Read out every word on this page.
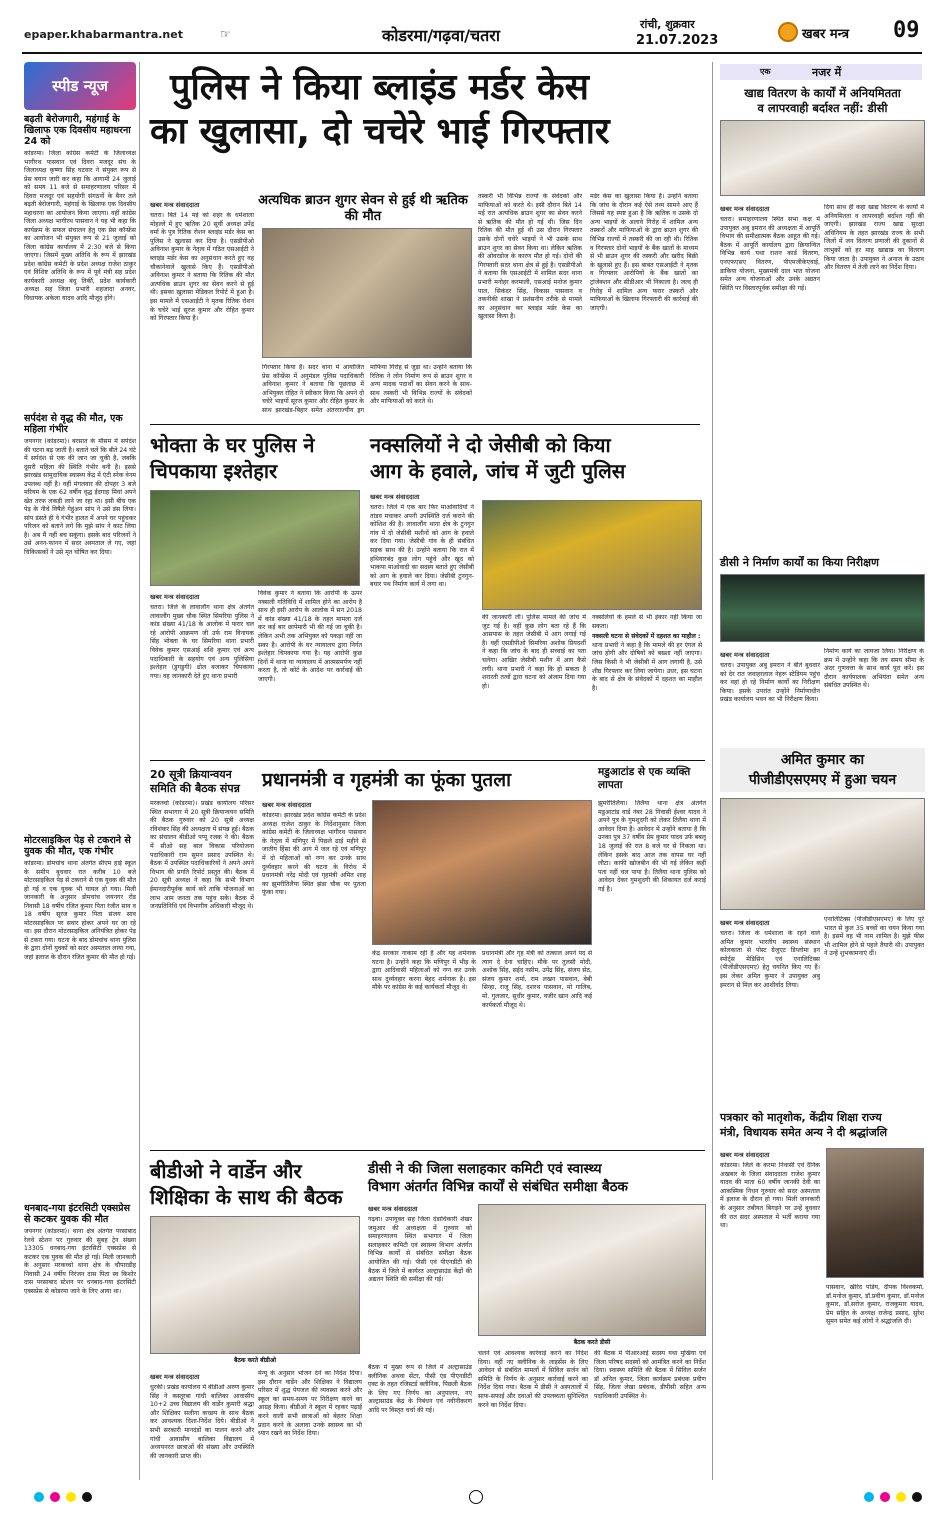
epaper.khabarmantra.net	☞	कोडरमा/गढ़वा/चतरा
रांची, शुक्रवार
21.07.2023	खबर मन्त्र 09
स्पीड न्यूज
बढ़ती बेरोजगारी, महंगाई के खिलाफ एक दिवसीय महाधरना 24 को
कोडरमा। जिला कांग्रेस कमेटी के जिलाध्यक्ष भागीरथ पासवान एवं दिवरा मजदूर संघ के जिलाध्यक्ष कृष्णा सिंह घटवार ने संयुक्त रूप से प्रेस बयान जारी कर कहा कि आगामी 24 जुलाई को समय 11 बजे से समाहरणालय परिसर में दिवरा मजदूर एवं सहयोगी संगठनों के बैनर तले बढ़ती बेरोजगारी, महंगाई के खिलाफ एक दिवसीय महाधरना का आयोजन किया जाएगा। वहीं कांग्रेस जिला अध्यक्ष भागीरथ पासवान ने यह भी कहा कि कार्यक्रम के सफल संचालन हेतु एक प्रेस कॉन्फ्रेंस का आयोजन भी संयुक्त रूप से 21 जुलाई को जिला कांग्रेस कार्यालय में 2:30 बजे से किया जाएगा। जिसमें मुख्य अतिथि के रूप में झारखंड प्रदेश कांग्रेस कमेटी के प्रदेश अध्यक्ष राजेश ठाकुर एवं विशिष्ट अतिथि के रूप में पूर्व मंत्री सह प्रदेश कार्यकारी अध्यक्ष बंधु तिर्की, प्रदेश कार्यकारी अध्यक्ष सह जिला प्रभारी शहजादा अनवर, विधायक अकेला यादव आदि मौजूद होंगे।
सर्पदंश से वृद्ध की मौत, एक महिला गंभीर
जयनगर (कोडरमा)। बरसात के मौसम में सर्पदंश की घटना बढ़ जाती है। बताते चलें कि बीते 24 घंटे में सर्पदंश से एक की जान जा चुकी है, जबकि दूसरी महिला की स्थिति गंभीर बनी है। इससे झारखंड सामुदायिक स्वास्थ्य केंद्र में एंटी स्नेक वेनम उपलब्ध नहीं है। वहीं मंगलवार की दोपहर 3 बजे मरियम के एक 62 वर्षीय वृद्ध ईदगाह मियां अपने खेत तरफ लकड़ी लाने जा रहा था। इसी बीच एक पेड़ के नीचे विषैले गेहुंअन सांप ने उसे डंस लिया। सांप डंसते ही वे गंभीर हालत में अपने घर पहुंचकर परिजन को बताने लगे कि मुझे सांप ने काट लिया है। अब मैं नहीं बच सकूंगा। इसके बाद परिजनों ने उसे अनन-फानन में सदर अस्पताल ले गए, जहां चिकित्सकों ने उसे मृत घोषित कर दिया।
मोटरसाइकिल पेड़ से टकराने से युवक की मौत, एक गंभीर
कोडरमा। डोमचांच थाना अंतर्गत सीएम हाई स्कूल के समीप बुधवार रात करीब 10 बजे मोटरसाइकिल पेड़ से टकराने से एक युवक की मौत हो गई व एक युवक भी घायल हो गया। मिली जानकारी के अनुसार डोमचांच जयनगर रोड निवासी 18 वर्षीय रजित कुमार पिता रंजीत साव व 18 वर्षीय सूरज कुमार पिता संजय साव मोटरसाइकिल पर सवार होकर अपने घर जा रहे था। इस दौरान मोटरसाइकिल अनियंत्रित होकर पेड़ से टकरा गया। घटना के बाद डोमचांच थाना पुलिस के द्वारा दोनों युवकों को सदर अस्पताल लाया गया, जहां इलाज के दौरान रंजित कुमार की मौत हो गई।
धनबाद-गया इंटरसिटी एक्सप्रेस से कटकर युवक की मौत
जयनगर (कोडरमा)। थाना क्षेत्र अंतर्गत परसाबाद रेलवे स्टेशन पर गुरुवार की सुबह ट्रेन संख्या 13305 धनबाद-गया इंटरसिटी एक्सप्रेस से कटकर एक युवक की मौत हो गई। मिली जानकारी के अनुसार मरकच्चो थाना क्षेत्र के चौपारडीह निवासी 24 वर्षीय निरंजन दास पिता स्व किशोर दास परसाबाद स्टेशन पर धनबाद-गया इंटरसिटी एक्सप्रेस से कोडरमा जाने के लिए आया था।
पुलिस ने किया ब्लाइंड मर्डर केस
का खुलासा, दो चचेरे भाई गिरफ्तार
खबर मन्त्र संवाददाता	अत्यधिक ब्राउन शुगर सेवन से हुई थी ऋतिक की मौत
चतरा। बिते 14 मई को शहर के धर्मशाला मोहल्ले में हुए ऋतिक 20 सूर्यी अध्यक्ष उपेंद्र वर्मा के पुत्र रितिक रोशन ब्लाइंड मर्डर केस का पुलिस ने खुलासा कर दिया है। एसडीपीओ अविनाश कुमार के नेतृत्व में गठित एसआईटी ने ब्लाइंड मर्डर केस का अनुसंधान करते हुए वह चौकानेवाले खुलासे किए हैं। एसडीपीओ अविनाश कुमार ने बताया कि रितिक की मौत अत्यधिक ब्राउन शुगर का सेवन करने से हुई थी। इसका खुलासा मेडिकल रिपोर्ट में हुआ है। इस मामले में एसआईटी ने मृतक रितिक रोशन के चचेरे भाई सूरज कुमार और रोहित कुमार को गिरफ्तार किया है।
गिरफ्तार किया है। सदर थाना में आयोजित प्रेस कॉन्फ्रेंस में अनुमंडल पुलिस पदाधिकारी अविनाश कुमार ने बताया कि पूछताछ में अभियुक्त रोहित ने स्वीकार किया कि अपने दो चचेरे भाइयों सूरज कुमार और रोहित कुमार के साथ झारखंड-बिहार समेत अंतरराज्यीय ड्रग माफिया गिरोह से जुड़ा था। उन्होंने बताया कि रितिक ने लोन निर्माण रूप से ब्राउन शुगर व अन्य मादक पदार्थों का सेवन करने के साथ-साथ तस्करी भी विभिन्न राज्यों के संवेदकों और माफियाओं को करते थे।
तस्करी भी विभिन्न राज्यों के संवेदकों और माफियाओं को करते थे। इसी दौरान बिते 14 मई रात अत्यधिक ब्राउन शुगर का सेवन करने से ऋतिक की मौत हो गई थी। जिस दिन रितिक की मौत हुई थी उस दौरान गिरफ्तार उसके दोनों चचेरे भाइयों ने भी उसके साथ ब्राउन शुगर का सेवन किया था। लेकिन ऋतिक की ओवरडोज के कारण मौत हो गई। दोनों की गिरफ्तारी सदर थाना क्षेत्र से हुई है। एसडीपीओ ने बताया कि एसआईटी में शामिल सदर थाना प्रभारी मनोहर करमाली, एसआई मनोज कुमार पाल, सिकंदर सिंह, विकास पासवान व तकनीकी शाखा ने प्रशंसनीय तरीके से मामले का अनुसंधान कर ब्लाइंड मर्डर केस का खुलासा किया है।
मर्डर केस का खुलासा किया है। उन्होंने बताया कि जांच के दौरान कई ऐसे तथ्य सामने आए हैं जिससे यह स्पष्ट हुआ है कि ऋतिक व उसके दो अन्य भाइयों के अलावे गिरोह में शामिल अन्य तस्करों और माफियाओं के द्वारा ब्राउन शुगर की विभिन्न राज्यों में तस्करी की जा रही थी। रितिक व गिरफ्तार दोनों भाइयों के बैंक खातों के माध्यम से भी ब्राउन शुगर की तस्करी और खरीद बिक्री के खुलासे हुए हैं। इस बाबत एसआईटी ने मृतक व गिरफ्तार आरोपियों के बैंक खातों का ट्रांजेक्शन और सीडीआर भी निकाला है। जल्द ही गिरोह में शामिल अन्य फरार तस्करों और माफियाओं के खिलाफ गिरफ्तारी की कार्रवाई की जाएगी।
भोक्ता के घर पुलिस ने चिपकाया इश्तेहार
खबर मन्त्र संवाददाता
चतरा। जिले के लावालौंग थाना क्षेत्र अंतर्गत लावालौंग मुख्य चौक स्थित सिमरिया पुलिस ने कांड संख्या 41/18 के आलोक में फरार चल रहे आरोपी आक्रमण जी उर्फ राम विनायक सिंह भोक्ता के घर सिमरिया थाना प्रभारी विवेक कुमार एसआई शशि कुमार एवं अन्य पदाधिकारी के सहयोग एवं अन्य पुलिसिया इश्तेहार (डुगडुगी) ढोल बजाकर चिपकाया गया। वह जानकारी देते हुए थाना प्रभारी
विवेक कुमार ने बताया कि आरोपी के ऊपर नक्सली गतिविधि में शामिल होने का आरोप है साथ ही इसी आरोप के आलोक में सन 2018 में कांड संख्या 41/18 के तहत मामला दर्ज कर कई बार छापेमारी भी की गई जा चुकी है। लेकिन अभी तक अभियुक्त को पकड़ा नहीं जा सका है। आरोपी के घर न्यायालय द्वारा निर्गत इश्तेहार चिपकाया गया है। यह आरोपी कुछ दिनों में थाना या न्यायालय में आत्मसमर्पण नहीं करता है, तो कोर्ट के आदेश पर कार्रवाई की जाएगी।
नक्सलियों ने दो जेसीबी को किया
आग के हवाले, जांच में जुटी पुलिस
खबर मन्त्र संवाददाता
चतरा। जिले में एक बार फिर माओवादियों ने तांडव मचाकर अपनी उपस्थिति दर्ज कराने की कोशिश की है। लावालौंग थाना क्षेत्र के टुनगुन गांव में दो जेसीबी मशीनों को आग के हवाले कर दिया गया। जेसीबी गांव के ही संबंधित सड़क साथ की है। उन्होंने बताया कि रात में हथियारबंद कुछ लोग पहुंचे और खुद को भाकपा माओवादी का सदस्य बताते हुए जेसीबी को आग के हवाले कर दिया। जेसीबी टुनगुन-बघार पथ निर्माण कार्य में लगा था।
की जानकारी ली। पुलिस मामले की जांच में जुट गई है। वहीं कुछ लोग बता रहे हैं कि आसपास के तहत जेसीबी में आग लगाई गई है। वहीं एसडीपीओ सिमरिया अशोक प्रियदर्शी ने कहा कि जांच के बाद ही सच्चाई का पता चलेगा। आखिर जेसीबी मशीन में आग कैसे लगी। थाना प्रभारी ने कहा कि हो सकता है शरारती तत्वों द्वारा घटना को अंजाम दिया गया हो।
नक्सलियों के हमले से भी इंकार नहीं किया जा सकता।
नक्सली घटना से संवेदकों में दहशत का माहौल :
थाना प्रभारी ने कहा है कि मामले की हर एंगल से जांच होगी और दोषियों को बख्शा नहीं जाएगा। जिस किसी ने भी जेसीबी में आग लगायी है, उसे शीघ्र गिरफ्तार कर लिया जायेगा। उधर, इस घटना के बाद से क्षेत्र के संवेदकों में दहशत का माहौल है।
20 सूत्री क्रियान्वयन समिति की बैठक संपन्न
मरकच्चो (कोडरमा)। प्रखंड कार्यालय परिसर स्थित सभागार में 20 सूत्री क्रियान्वयन समिति की बैठक गुरुवार को 20 सूत्री अध्यक्ष रविशंकर सिंह की अध्यक्षता में संपन्न हुई। बैठक का संचालन बीडीओ पप्पू रजक ने की। बैठक में सीओ सह बाल विकास परियोजना पदाधिकारी राम सुमन प्रसाद उपस्थित थे। बैठक में उपस्थित पदाधिकारियों ने अपने अपने विभाग की प्रगति रिपोर्ट प्रस्तुत की। बैठक में 20 सूत्री अध्यक्ष ने कहा कि सभी विभाग ईमानदारीपूर्वक कार्य करें ताकि योजनाओं का लाभ आम जनता तक पहुंच सके। बैठक में जनप्रतिनिधि एवं विभागीय अधिकारी मौजूद थे।
प्रधानमंत्री व गृहमंत्री का फूंका पुतला
खबर मन्त्र संवाददाता
कोडरमा। झारखंड प्रदेश कांग्रेस कमेटी के प्रदेश अध्यक्ष राजेश ठाकुर के निर्देशानुसार जिला कांग्रेस कमेटी के जिलाध्यक्ष भागीरथ पासवान के नेतृत्व में मणिपुर में पिछले ढाई महीने से जातीय हिंसा की आग में जल रहे एवं मणिपुर में दो महिलाओं को नग्न कर उनके साथ दुर्व्यवहार करने की घटना के विरोध में प्रधानमंत्री नरेंद्र मोदी एवं गृहमंत्री अमित शाह का झुमरीतिलैया स्थित झंडा चौक पर पुतला फूंका गया।
केंद्र सरकार नाकाम रही है और यह शर्मनाक घटना है। उन्होंने कहा कि मणिपुर में भीड़ के द्वारा आदिवासी महिलाओं को नग्न कर उनके साथ दुर्व्यवहार करना बेहद शर्मनाक है। इस मौके पर कांग्रेस के कई कार्यकर्ता मौजूद थे।
प्रधानमंत्री और गृह मंत्री को तत्काल अपने पद से त्याग दे देना चाहिए। मौके पर तुलसी मोदी, अशोक सिंह, सईद नसीम, उपेंद्र सिंह, संजय सेठ, संजय कुमार शर्मा, राम लखन पासवान, बेबी सिन्हा, राजू सिंह, दशरथ पासवान, मो गालिब, मो. गुलजार, सुधीर कुमार, वजीर खान आदि कई कार्यकर्ता मौजूद थे।
मडुआटांड से एक व्यक्ति लापता
झुमरीतिलैया। तिलैया थाना क्षेत्र अंतर्गत मडुआटांड वार्ड नंबर 28 निवासी ईश्वर यादव ने अपने पुत्र के गुमशुदगी को लेकर तिलैया थाना में आवेदन दिया है। आवेदन में उन्होंने बताया है कि उनका पुत्र 37 वर्षीय प्रेम कुमार यादव उर्फ बबलू 18 जुलाई की रात 8 बजे घर से निकला था। लेकिन इसके बाद आज तक वापस घर नहीं लौटा। काफी खोजबीन की भी गई लेकिन कहीं पता नहीं चल पाया है। तिलैया थाना पुलिस को आवेदन देकर गुमशुदगी की शिकायत दर्ज कराई गई है।
बीडीओ ने वार्डेन और
शिक्षिका के साथ की बैठक
बैठक करते बीडीओ
खबर मन्त्र संवाददाता
धुरकी। प्रखंड कार्यालय में बीडीओ अरुण कुमार सिंह ने कस्तूरबा गांधी बालिका आवासीय 10+2 उच्च विद्यालय की वार्डेन कुमारी श्रद्धा और शिक्षिका सलीना कच्छप के साथ बैठक कर आवश्यक दिशा-निर्देश दिये। बीडीओ ने सभी सरकारी मानदंडों का पालन करने और गांधी आवासीय बालिका विद्यालय में अध्ययनरत छात्राओं की संख्या और उपस्थिति की जानकारी प्राप्त की।
मेन्यू के अनुसार भोजन देने का निर्देश दिया। इस दौरान वार्डेन और शिक्षिका ने विद्यालय परिसर में शुद्ध पेयजल की व्यवस्था करने और स्कूल का समय-समय पर निरीक्षण करने का आग्रह किया। बीडीओ ने स्कूल में रहकर पढ़ाई करने वाली सभी छात्राओं को बेहतर शिक्षा प्रदान करने के अलावा उनके स्वास्थ्य का भी ध्यान रखने का निर्देश दिया।
डीसी ने की जिला सलाहकार कमिटी एवं स्वास्थ्य
विभाग अंतर्गत विभिन्न कार्यों से संबंधित समीक्षा बैठक
खबर मन्त्र संवाददाता
गढ़वा। उपायुक्त सह जिला दंडाधिकारी शेखर जमुआर की अध्यक्षता में गुरुवार को समाहरणालय स्थित सभागार में जिला सलाहकार कमिटी एवं स्वास्थ्य विभाग अंतर्गत विभिन्न कार्यों से संबंधित समीक्षा बैठक आयोजित की गई। पीसी एवं पीएनडीटी की बैठक में जिले में कार्यरत अल्ट्रासाउंड केंद्रों की अद्यतन स्थिति की समीक्षा की गई।
बैठक करते डीसी
बैठक में मुख्य रूप से जिले में अल्ट्रासाउंड क्लीनिक अथवा सेंटर, पीसी एंड पीएनडीटी एक्ट के तहत रजिस्टर्ड क्लीनिक, पिछली बैठक के लिए गए निर्णय का अनुपालन, नए अल्ट्रासाउंड केंद्र के निबंधन एवं नवीनीकरण आदि पर विस्तृत चर्चा की गई।
चलने एवं आवश्यक कार्रवाई करने का निर्देश दिया। वहीं नए क्लीनिक के लाइसेंस के लिए आवेदन से संबंधित मामलों में सिविल सर्जन को समिति के निर्णय के अनुसार कार्रवाई करने का निर्देश दिया गया। बैठक में डीसी ने अस्पतालों में साफ-सफाई और दवाओं की उपलब्धता सुनिश्चित करने का निर्देश दिया।
की बैठक में पीआरआई सदस्य यथा मुखिया एवं जिला परिषद सदस्यों को आमंत्रित करने का निर्देश दिया। स्वास्थ्य समिति की बैठक में सिविल सर्जन डॉ अनिल कुमार, जिला कार्यक्रम प्रबंधक प्रवीण सिंह, जिला लेखा प्रबंधक, डीपीसी सहित अन्य पदाधिकारी उपस्थित थे।
एक	नजर में
खाद्य वितरण के कार्यों में अनियमितता
व लापरवाही बर्दाश्त नहीं: डीसी
खबर मन्त्र संवाददाता
चतरा। समाहरणालय स्थित सभा कक्ष में उपायुक्त अबु इमरान की अध्यक्षता में आपूर्ति विभाग की समीक्षात्मक बैठक आहूत की गई। बैठक में आपूर्ति कार्यालय द्वारा क्रियान्वित विभिन्न कार्य यथा राशन कार्ड वितरण, एनएफएसए वितरण, पीएमजीकेएवाई, डाकिया योजना, मुख्यमंत्री दाल भात योजना समेत अन्य योजनाओं और उनके अद्यतन स्थिति पर विस्तारपूर्वक समीक्षा की गई।
दिया साथ ही कहा खाद्य वितरण के कार्यों में अनियमितता व लापरवाही बर्दाश्त नहीं की जाएगी। झारखंड राज्य खाद्य सुरक्षा अधिनियम के तहत झारखंड राज्य के सभी जिलों में जन वितरण प्रणाली की दुकानों से लाभुकों को हर माह खाद्यान्न का वितरण किया जाता है। उपायुक्त ने अनाज के उठाव और वितरण में तेजी लाने का निर्देश दिया।
डीसी ने निर्माण कार्यों का किया निरीक्षण
खबर मन्त्र संवाददाता
चतरा। उपायुक्त अबु इमरान ने बीते बुधवार को देर रात जवाहरलाल नेहरू स्टेडियम पहुंच कर वहां हो रहे निर्माण कार्यों का निरीक्षण किया। इसके उपरांत उन्होंने निर्माणाधीन प्रखंड कार्यालय भवन का भी निरीक्षण किया।
निर्माण कार्य का जायजा लिया। निरीक्षण के क्रम में उन्होंने कहा कि तय समय सीमा के अंदर गुणवत्ता के साथ कार्य पूरा करें। इस दौरान कार्यपालक अभियंता समेत अन्य संबंधित उपस्थित थे।
अमित कुमार का
पीजीडीएसएमए में हुआ चयन
खबर मन्त्र संवाददाता
चतरा। जिला के धर्मशाला के रहने वाले अमित कुमार भारतीय स्वास्थ्य संस्थान कोलकाता से पोस्ट ग्रेजुएट डिप्लोमा इन स्पोर्ट्स मेडिसिन एवं एनालिटिक्स (पीजीडीएसएमए) हेतु चयनित किए गए हैं। इस लेकर अमित कुमार ने उपायुक्त अबु इमरान से मिल कर आशीर्वाद लिया।
एनालिटिक्स (पीजीडीएसएमए) के लिए पूरे भारत से कुल 35 बच्चों का चयन किया गया है। इसमें वह भी नाम शामिल है। मुझे फीस भी शामिल होने से पहले तैयारी थी। उपायुक्त ने उन्हें शुभकामनाएं दीं।
पत्रकार को मातृशोक, केंद्रीय शिक्षा राज्य
मंत्री, विधायक समेत अन्य ने दी श्रद्धांजलि
खबर मन्त्र संवाददाता
कोडरमा। जिले के करमा निवासी एवं दैनिक अखबार के जिला संवाददाता राजेश कुमार यादव की माता 60 वर्षीय जानकी देवी का आकस्मिक निधन गुरुवार को सदर अस्पताल में इलाज के दौरान हो गया। मिली जानकारी के अनुसार तबीयत बिगड़ने पर उन्हें बुधवार की रात सदर अस्पताल में भर्ती कराया गया था।
पासवान, खीरेद पांडेय, दीपक विश्वकर्मा, डॉ.मनोज कुमार, डॉ.प्रवीण कुमार, डॉ.मनोज कुमार, डॉ.सरोज कुमार, राजकुमार यादव, प्रेम सहित के अध्यक्ष राजेन्द्र प्रसाद, सुरेश सुमन समेत कई लोगों ने श्रद्धांजलि दी।
